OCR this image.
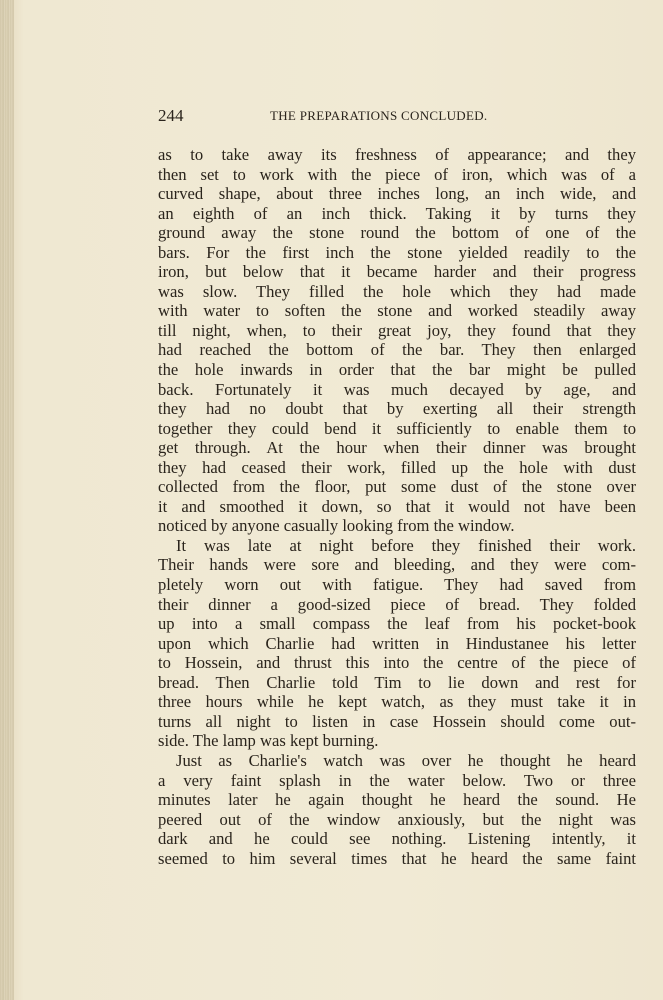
244	THE PREPARATIONS CONCLUDED.
as to take away its freshness of appearance; and they
then set to work with the piece of iron, which was of a
curved shape, about three inches long, an inch wide, and
an eighth of an inch thick. Taking it by turns they
ground away the stone round the bottom of one of the
bars. For the first inch the stone yielded readily to the
iron, but below that it became harder and their progress
was slow. They filled the hole which they had made
with water to soften the stone and worked steadily away
till night, when, to their great joy, they found that they
had reached the bottom of the bar. They then enlarged
the hole inwards in order that the bar might be pulled
back. Fortunately it was much decayed by age, and
they had no doubt that by exerting all their strength
together they could bend it sufficiently to enable them to
get through. At the hour when their dinner was brought
they had ceased their work, filled up the hole with dust
collected from the floor, put some dust of the stone over
it and smoothed it down, so that it would not have been
noticed by anyone casually looking from the window.
It was late at night before they finished their work.
Their hands were sore and bleeding, and they were com-
pletely worn out with fatigue. They had saved from
their dinner a good-sized piece of bread. They folded
up into a small compass the leaf from his pocket-book
upon which Charlie had written in Hindustanee his letter
to Hossein, and thrust this into the centre of the piece of
bread. Then Charlie told Tim to lie down and rest for
three hours while he kept watch, as they must take it in
turns all night to listen in case Hossein should come out-
side. The lamp was kept burning.
Just as Charlie's watch was over he thought he heard
a very faint splash in the water below. Two or three
minutes later he again thought he heard the sound. He
peered out of the window anxiously, but the night was
dark and he could see nothing. Listening intently, it
seemed to him several times that he heard the same faint
